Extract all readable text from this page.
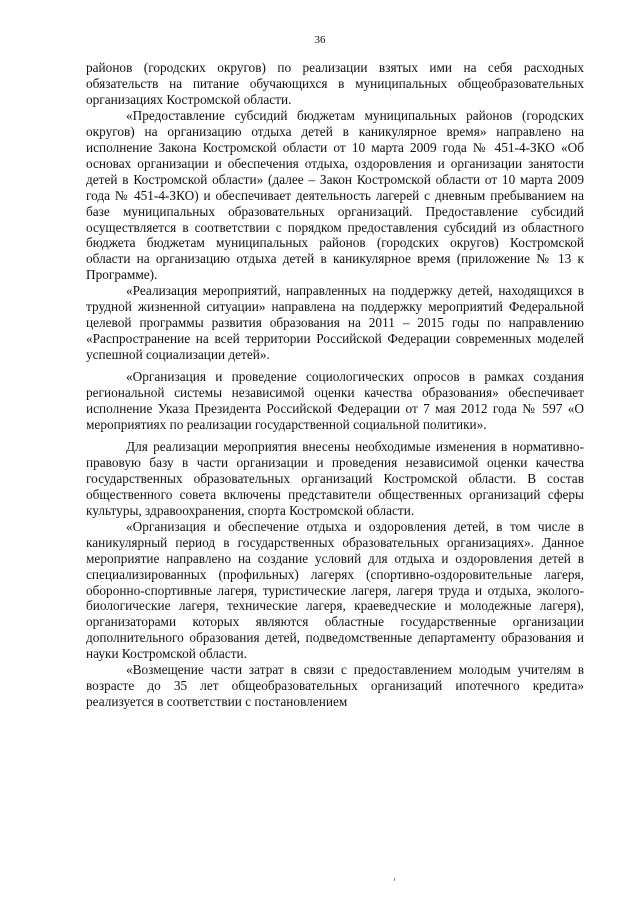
36

районов (городских округов) по реализации взятых ими на себя расходных обязательств на питание обучающихся в муниципальных общеобразовательных организациях Костромской области.

«Предоставление субсидий бюджетам муниципальных районов (городских округов) на организацию отдыха детей в каникулярное время» направлено на исполнение Закона Костромской области от 10 марта 2009 года № 451-4-ЗКО «Об основах организации и обеспечения отдыха, оздоровления и организации занятости детей в Костромской области» (далее – Закон Костромской области от 10 марта 2009 года № 451-4-ЗКО) и обеспечивает деятельность лагерей с дневным пребыванием на базе муниципальных образовательных организаций. Предоставление субсидий осуществляется в соответствии с порядком предоставления субсидий из областного бюджета бюджетам муниципальных районов (городских округов) Костромской области на организацию отдыха детей в каникулярное время (приложение № 13 к Программе).

«Реализация мероприятий, направленных на поддержку детей, находящихся в трудной жизненной ситуации» направлена на поддержку мероприятий Федеральной целевой программы развития образования на 2011 – 2015 годы по направлению «Распространение на всей территории Российской Федерации современных моделей успешной социализации детей».

«Организация и проведение социологических опросов в рамках создания региональной системы независимой оценки качества образования» обеспечивает исполнение Указа Президента Российской Федерации от 7 мая 2012 года № 597 «О мероприятиях по реализации государственной социальной политики».

Для реализации мероприятия внесены необходимые изменения в нормативно-правовую базу в части организации и проведения независимой оценки качества государственных образовательных организаций Костромской области. В состав общественного совета включены представители общественных организаций сферы культуры, здравоохранения, спорта Костромской области.

«Организация и обеспечение отдыха и оздоровления детей, в том числе в каникулярный период в государственных образовательных организациях». Данное мероприятие направлено на создание условий для отдыха и оздоровления детей в специализированных (профильных) лагерях (спортивно-оздоровительные лагеря, оборонно-спортивные лагеря, туристические лагеря, лагеря труда и отдыха, эколого-биологические лагеря, технические лагеря, краеведческие и молодежные лагеря), организаторами которых являются областные государственные организации дополнительного образования детей, подведомственные департаменту образования и науки Костромской области.

«Возмещение части затрат в связи с предоставлением молодым учителям в возрасте до 35 лет общеобразовательных организаций ипотечного кредита» реализуется в соответствии с постановлением
